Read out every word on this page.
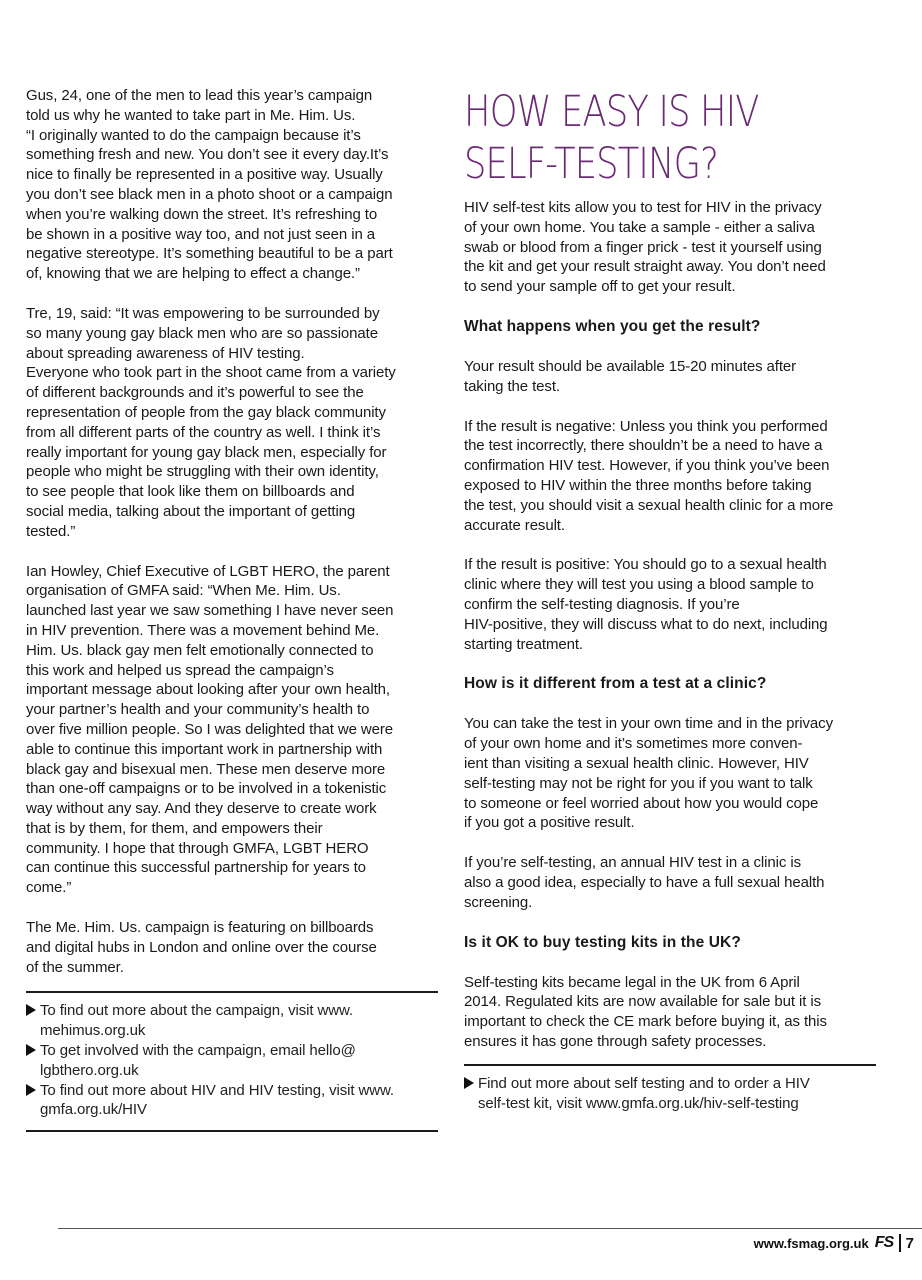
Gus, 24, one of the men to lead this year’s campaign
told us why he wanted to take part in Me. Him. Us.
“I originally wanted to do the campaign because it’s
something fresh and new. You don’t see it every day.It’s
nice to finally be represented in a positive way. Usually
you don’t see black men in a photo shoot or a campaign
when you’re walking down the street. It’s refreshing to
be shown in a positive way too, and not just seen in a
negative stereotype. It’s something beautiful to be a part
of, knowing that we are helping to effect a change.”

Tre, 19, said: “It was empowering to be surrounded by
so many young gay black men who are so passionate
about spreading awareness of HIV testing.
Everyone who took part in the shoot came from a variety
of different backgrounds and it’s powerful to see the
representation of people from the gay black community
from all different parts of the country as well. I think it’s
really important for young gay black men, especially for
people who might be struggling with their own identity,
to see people that look like them on billboards and
social media, talking about the important of getting
tested.”

Ian Howley, Chief Executive of LGBT HERO, the parent
organisation of GMFA said: “When Me. Him. Us.
launched last year we saw something I have never seen
in HIV prevention. There was a movement behind Me.
Him. Us. black gay men felt emotionally connected to
this work and helped us spread the campaign’s
important message about looking after your own health,
your partner’s health and your community’s health to
over five million people. So I was delighted that we were
able to continue this important work in partnership with
black gay and bisexual men. These men deserve more
than one-off campaigns or to be involved in a tokenistic
way without any say. And they deserve to create work
that is by them, for them, and empowers their
community. I hope that through GMFA, LGBT HERO
can continue this successful partnership for years to
come.”

The Me. Him. Us. campaign is featuring on billboards
and digital hubs in London and online over the course
of the summer.

To find out more about the campaign, visit www.
mehimus.org.uk
To get involved with the campaign, email hello@
lgbthero.org.uk
To find out more about HIV and HIV testing, visit www.
gmfa.org.uk/HIV
HOW EASY IS HIV
SELF-TESTING?

HIV self-test kits allow you to test for HIV in the privacy
of your own home. You take a sample - either a saliva
swab or blood from a finger prick - test it yourself using
the kit and get your result straight away. You don’t need
to send your sample off to get your result.

What happens when you get the result?

Your result should be available 15-20 minutes after
taking the test.

If the result is negative: Unless you think you performed
the test incorrectly, there shouldn’t be a need to have a
confirmation HIV test. However, if you think you’ve been
exposed to HIV within the three months before taking
the test, you should visit a sexual health clinic for a more
accurate result.

If the result is positive: You should go to a sexual health
clinic where they will test you using a blood sample to
confirm the self-testing diagnosis. If you’re
HIV-positive, they will discuss what to do next, including
starting treatment.

How is it different from a test at a clinic?

You can take the test in your own time and in the privacy
of your own home and it’s sometimes more conven-
ient than visiting a sexual health clinic. However, HIV
self-testing may not be right for you if you want to talk
to someone or feel worried about how you would cope
if you got a positive result.

If you’re self-testing, an annual HIV test in a clinic is
also a good idea, especially to have a full sexual health
screening.

Is it OK to buy testing kits in the UK?

Self-testing kits became legal in the UK from 6 April
2014. Regulated kits are now available for sale but it is
important to check the CE mark before buying it, as this
ensures it has gone through safety processes.

Find out more about self testing and to order a HIV
self-test kit, visit www.gmfa.org.uk/hiv-self-testing
www.fsmag.org.uk FS 7
